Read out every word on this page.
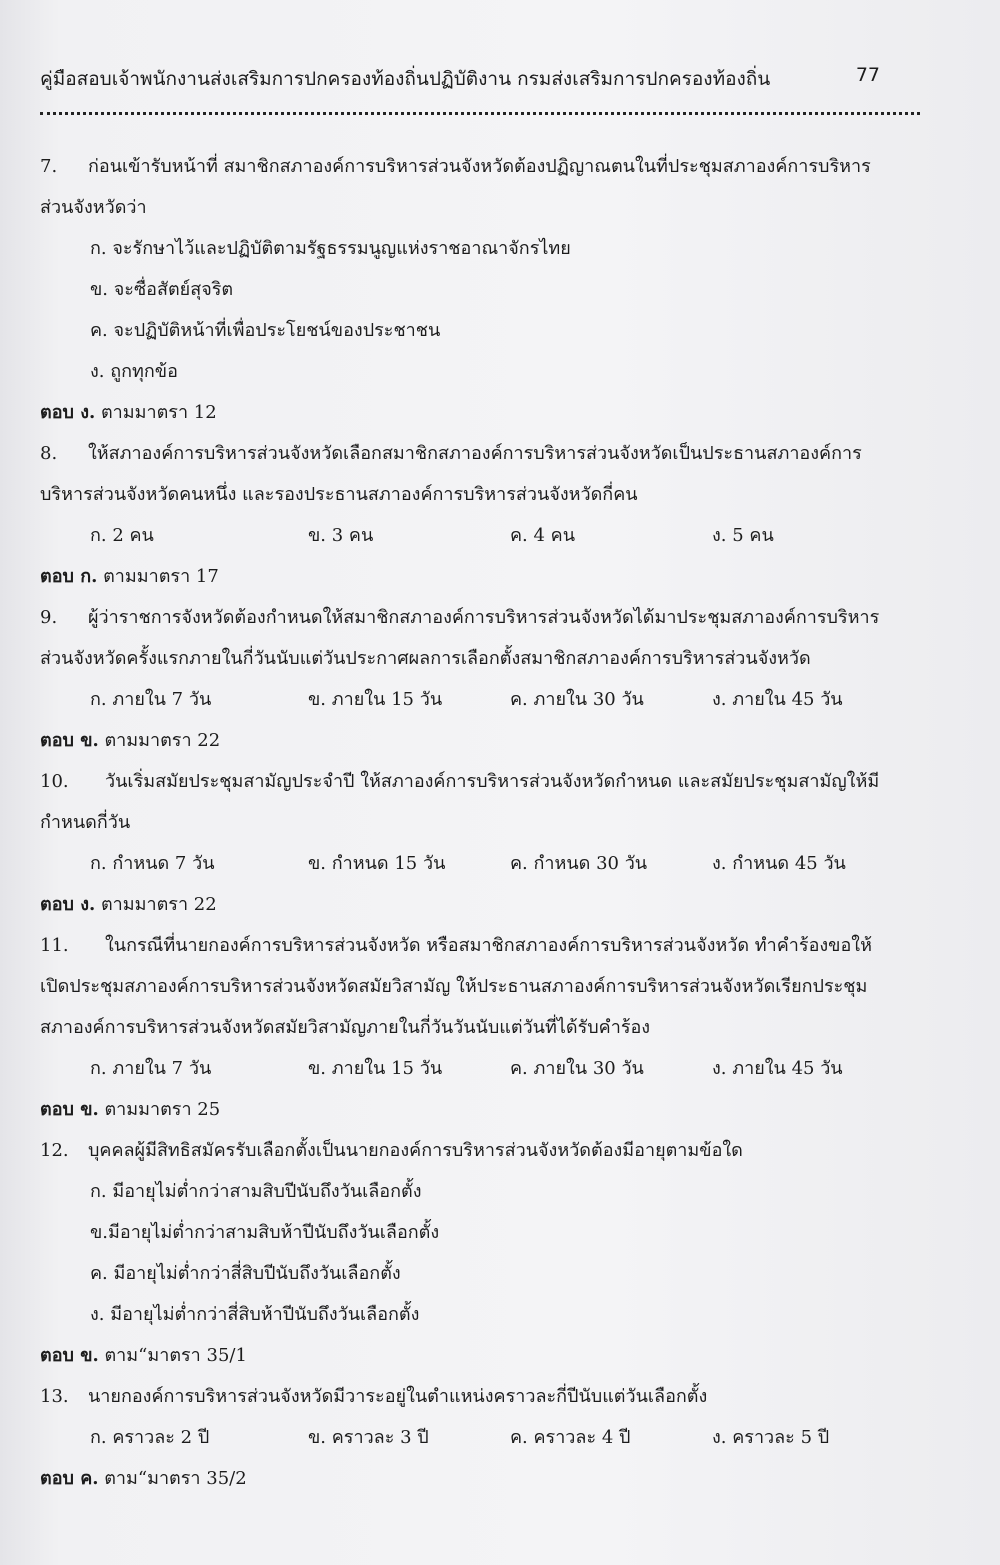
คู่มือสอบเจ้าพนักงานส่งเสริมการปกครองท้องถิ่นปฏิบัติงาน กรมส่งเสริมการปกครองท้องถิ่น	77
7. ก่อนเข้ารับหน้าที่ สมาชิกสภาองค์การบริหารส่วนจังหวัดต้องปฏิญาณตนในที่ประชุมสภาองค์การบริหาร
ส่วนจังหวัดว่า
ก. จะรักษาไว้และปฏิบัติตามรัฐธรรมนูญแห่งราชอาณาจักรไทย
ข. จะซื่อสัตย์สุจริต
ค. จะปฏิบัติหน้าที่เพื่อประโยชน์ของประชาชน
ง. ถูกทุกข้อ
ตอบ ง. ตามมาตรา 12
8. ให้สภาองค์การบริหารส่วนจังหวัดเลือกสมาชิกสภาองค์การบริหารส่วนจังหวัดเป็นประธานสภาองค์การ
บริหารส่วนจังหวัดคนหนึ่ง และรองประธานสภาองค์การบริหารส่วนจังหวัดกี่คน
ก. 2 คน	ข. 3 คน	ค. 4 คน	ง. 5 คน
ตอบ ก. ตามมาตรา 17
9. ผู้ว่าราชการจังหวัดต้องกำหนดให้สมาชิกสภาองค์การบริหารส่วนจังหวัดได้มาประชุมสภาองค์การบริหาร
ส่วนจังหวัดครั้งแรกภายในกี่วันนับแต่วันประกาศผลการเลือกตั้งสมาชิกสภาองค์การบริหารส่วนจังหวัด
ก. ภายใน 7 วัน	ข. ภายใน 15 วัน	ค. ภายใน 30 วัน	ง. ภายใน 45 วัน
ตอบ ข. ตามมาตรา 22
10. วันเริ่มสมัยประชุมสามัญประจำปี ให้สภาองค์การบริหารส่วนจังหวัดกำหนด และสมัยประชุมสามัญให้มี
กำหนดกี่วัน
ก. กำหนด 7 วัน	ข. กำหนด 15 วัน	ค. กำหนด 30 วัน	ง. กำหนด 45 วัน
ตอบ ง. ตามมาตรา 22
11. ในกรณีที่นายกองค์การบริหารส่วนจังหวัด หรือสมาชิกสภาองค์การบริหารส่วนจังหวัด ทำคำร้องขอให้
เปิดประชุมสภาองค์การบริหารส่วนจังหวัดสมัยวิสามัญ ให้ประธานสภาองค์การบริหารส่วนจังหวัดเรียกประชุม
สภาองค์การบริหารส่วนจังหวัดสมัยวิสามัญภายในกี่วันวันนับแต่วันที่ได้รับคำร้อง
ก. ภายใน 7 วัน	ข. ภายใน 15 วัน	ค. ภายใน 30 วัน	ง. ภายใน 45 วัน
ตอบ ข. ตามมาตรา 25
12. บุคคลผู้มีสิทธิสมัครรับเลือกตั้งเป็นนายกองค์การบริหารส่วนจังหวัดต้องมีอายุตามข้อใด
ก. มีอายุไม่ต่ำกว่าสามสิบปีนับถึงวันเลือกตั้ง
ข.มีอายุไม่ต่ำกว่าสามสิบห้าปีนับถึงวันเลือกตั้ง
ค. มีอายุไม่ต่ำกว่าสี่สิบปีนับถึงวันเลือกตั้ง
ง. มีอายุไม่ต่ำกว่าสี่สิบห้าปีนับถึงวันเลือกตั้ง
ตอบ ข. ตาม“มาตรา 35/1
13. นายกองค์การบริหารส่วนจังหวัดมีวาระอยู่ในตำแหน่งคราวละกี่ปีนับแต่วันเลือกตั้ง
ก. คราวละ 2 ปี	ข. คราวละ 3 ปี	ค. คราวละ 4 ปี	ง. คราวละ 5 ปี
ตอบ ค. ตาม“มาตรา 35/2
